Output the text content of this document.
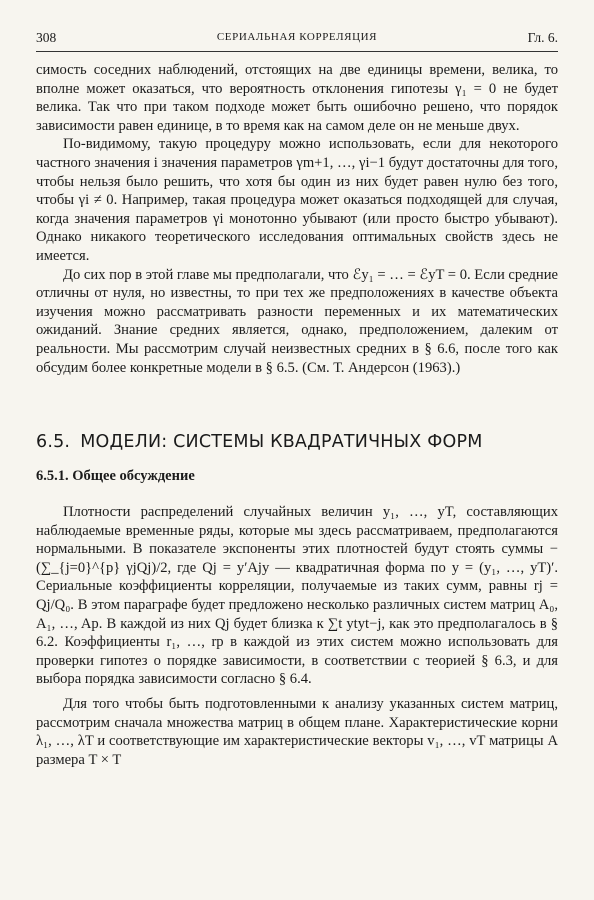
308	СЕРИАЛЬНАЯ КОРРЕЛЯЦИЯ	Гл. 6.

симость соседних наблюдений, отстоящих на две единицы времени, велика, то вполне может оказаться, что вероятность отклонения гипотезы γ₁ = 0 не будет велика. Так что при таком подходе может быть ошибочно решено, что порядок зависимости равен единице, в то время как на самом деле он не меньше двух.

По-видимому, такую процедуру можно использовать, если для некоторого частного значения i значения параметров γm+1, …, γi−1 будут достаточны для того, чтобы нельзя было решить, что хотя бы один из них будет равен нулю без того, чтобы γi ≠ 0. Например, такая процедура может оказаться подходящей для случая, когда значения параметров γi монотонно убывают (или просто быстро убывают). Однако никакого теоретического исследования оптимальных свойств здесь не имеется.

До сих пор в этой главе мы предполагали, что ℰy₁ = … = ℰyT = 0. Если средние отличны от нуля, но известны, то при тех же предположениях в качестве объекта изучения можно рассматривать разности переменных и их математических ожиданий. Знание средних является, однако, предположением, далеким от реальности. Мы рассмотрим случай неизвестных средних в § 6.6, после того как обсудим более конкретные модели в § 6.5. (См. Т. Андерсон (1963).)

6.5. МОДЕЛИ: СИСТЕМЫ КВАДРАТИЧНЫХ ФОРМ
6.5.1. Общее обсуждение

Плотности распределений случайных величин y₁, …, yT, составляющих наблюдаемые временные ряды, которые мы здесь рассматриваем, предполагаются нормальными. В показателе экспоненты этих плотностей будут стоять суммы −(∑_{j=0}^{p} γjQj)/2, где Qj = y′Ajy — квадратичная форма по y = (y₁, …, yT)′. Сериальные коэффициенты корреляции, получаемые из таких сумм, равны rj = Qj/Q₀. В этом параграфе будет предложено несколько различных систем матриц A₀, A₁, …, Ap. В каждой из них Qj будет близка к ∑t ytyt−j, как это предполагалось в § 6.2. Коэффициенты r₁, …, rp в каждой из этих систем можно использовать для проверки гипотез о порядке зависимости, в соответствии с теорией § 6.3, и для выбора порядка зависимости согласно § 6.4.

Для того чтобы быть подготовленными к анализу указанных систем матриц, рассмотрим сначала множества матриц в общем плане. Характеристические корни λ₁, …, λT и соответствующие им характеристические векторы v₁, …, vT матрицы A размера T × T
